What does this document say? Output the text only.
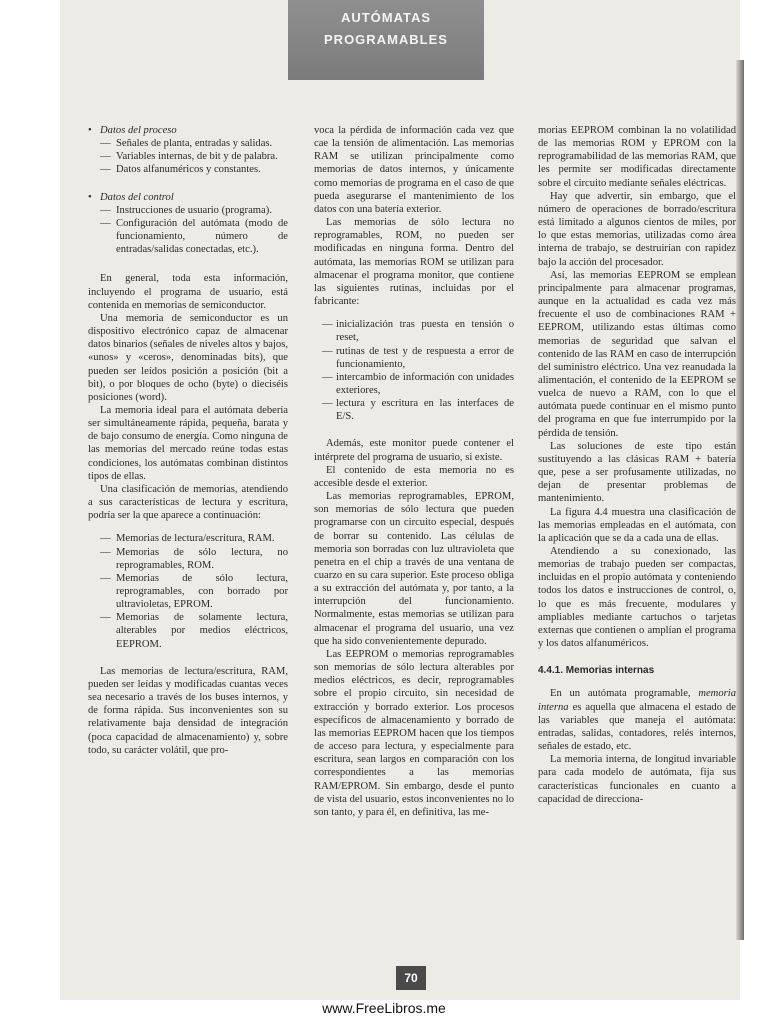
AUTÓMATAS
PROGRAMABLES

• Datos del proceso

— Señales de planta, entradas y salidas.
— Variables internas, de bit y de palabra.
— Datos alfanuméricos y constantes.

• Datos del control

— Instrucciones de usuario (programa).
— Configuración del autómata (modo de funcionamiento, número de entradas/salidas conectadas, etc.).

En general, toda esta información, incluyendo el programa de usuario, está contenida en memorias de semiconductor.

Una memoria de semiconductor es un dispositivo electrónico capaz de almacenar datos binarios (señales de niveles altos y bajos, «unos» y «ceros», denominadas bits), que pueden ser leídos posición a posición (bit a bit), o por bloques de ocho (byte) o dieciséis posiciones (word).

La memoria ideal para el autómata debería ser simultáneamente rápida, pequeña, barata y de bajo consumo de energía. Como ninguna de las memorias del mercado reúne todas estas condiciones, los autómatas combinan distintos tipos de ellas.

Una clasificación de memorias, atendiendo a sus características de lectura y escritura, podría ser la que aparece a continuación:

— Memorias de lectura/escritura, RAM.
— Memorias de sólo lectura, no reprogramables, ROM.
— Memorias de sólo lectura, reprogramables, con borrado por ultravioletas, EPROM.
— Memorias de solamente lectura, alterables por medios eléctricos, EEPROM.

Las memorias de lectura/escritura, RAM, pueden ser leídas y modificadas cuantas veces sea necesario a través de los buses internos, y de forma rápida. Sus inconvenientes son su relativamente baja densidad de integración (poca capacidad de almacenamiento) y, sobre todo, su carácter volátil, que pro-

voca la pérdida de información cada vez que cae la tensión de alimentación. Las memorias RAM se utilizan principalmente como memorias de datos internos, y únicamente como memorias de programa en el caso de que pueda asegurarse el mantenimiento de los datos con una batería exterior.

Las memorias de sólo lectura no reprogramables, ROM, no pueden ser modificadas en ninguna forma. Dentro del autómata, las memorias ROM se utilizan para almacenar el programa monitor, que contiene las siguientes rutinas, incluidas por el fabricante:

— inicialización tras puesta en tensión o reset,
— rutinas de test y de respuesta a error de funcionamiento,
— intercambio de información con unidades exteriores,
— lectura y escritura en las interfaces de E/S.

Además, este monitor puede contener el intérprete del programa de usuario, si existe.

El contenido de esta memoria no es accesible desde el exterior.

Las memorias reprogramables, EPROM, son memorias de sólo lectura que pueden programarse con un circuito especial, después de borrar su contenido. Las células de memoria son borradas con luz ultravioleta que penetra en el chip a través de una ventana de cuarzo en su cara superior. Este proceso obliga a su extracción del autómata y, por tanto, a la interrupción del funcionamiento. Normalmente, estas memorias se utilizan para almacenar el programa del usuario, una vez que ha sido convenientemente depurado.

Las EEPROM o memorias reprogramables son memorias de sólo lectura alterables por medios eléctricos, es decir, reprogramables sobre el propio circuito, sin necesidad de extracción y borrado exterior. Los procesos específicos de almacenamiento y borrado de las memorias EEPROM hacen que los tiempos de acceso para lectura, y especialmente para escritura, sean largos en comparación con los correspondientes a las memorias RAM/EPROM. Sin embargo, desde el punto de vista del usuario, estos inconvenientes no lo son tanto, y para él, en definitiva, las me-

morias EEPROM combinan la no volatilidad de las memorias ROM y EPROM con la reprogramabilidad de las memorias RAM, que les permite ser modificadas directamente sobre el circuito mediante señales eléctricas.

Hay que advertir, sin embargo, que el número de operaciones de borrado/escritura está limitado a algunos cientos de miles, por lo que estas memorias, utilizadas como área interna de trabajo, se destruirían con rapidez bajo la acción del procesador.

Así, las memorias EEPROM se emplean principalmente para almacenar programas, aunque en la actualidad es cada vez más frecuente el uso de combinaciones RAM + EEPROM, utilizando estas últimas como memorias de seguridad que salvan el contenido de las RAM en caso de interrupción del suministro eléctrico. Una vez reanudada la alimentación, el contenido de la EEPROM se vuelca de nuevo a RAM, con lo que el autómata puede continuar en el mismo punto del programa en que fue interrumpido por la pérdida de tensión.

Las soluciones de este tipo están sustituyendo a las clásicas RAM + batería que, pese a ser profusamente utilizadas, no dejan de presentar problemas de mantenimiento.

La figura 4.4 muestra una clasificación de las memorias empleadas en el autómata, con la aplicación que se da a cada una de ellas.

Atendiendo a su conexionado, las memorias de trabajo pueden ser compactas, incluidas en el propio autómata y conteniendo todos los datos e instrucciones de control, o, lo que es más frecuente, modulares y ampliables mediante cartuchos o tarjetas externas que contienen o amplían el programa y los datos alfanuméricos.

4.4.1. Memorias internas

En un autómata programable, memoria interna es aquella que almacena el estado de las variables que maneja el autómata: entradas, salidas, contadores, relés internos, señales de estado, etc.

La memoria interna, de longitud invariable para cada modelo de autómata, fija sus características funcionales en cuanto a capacidad de direcciona-

70
www.FreeLibros.me
